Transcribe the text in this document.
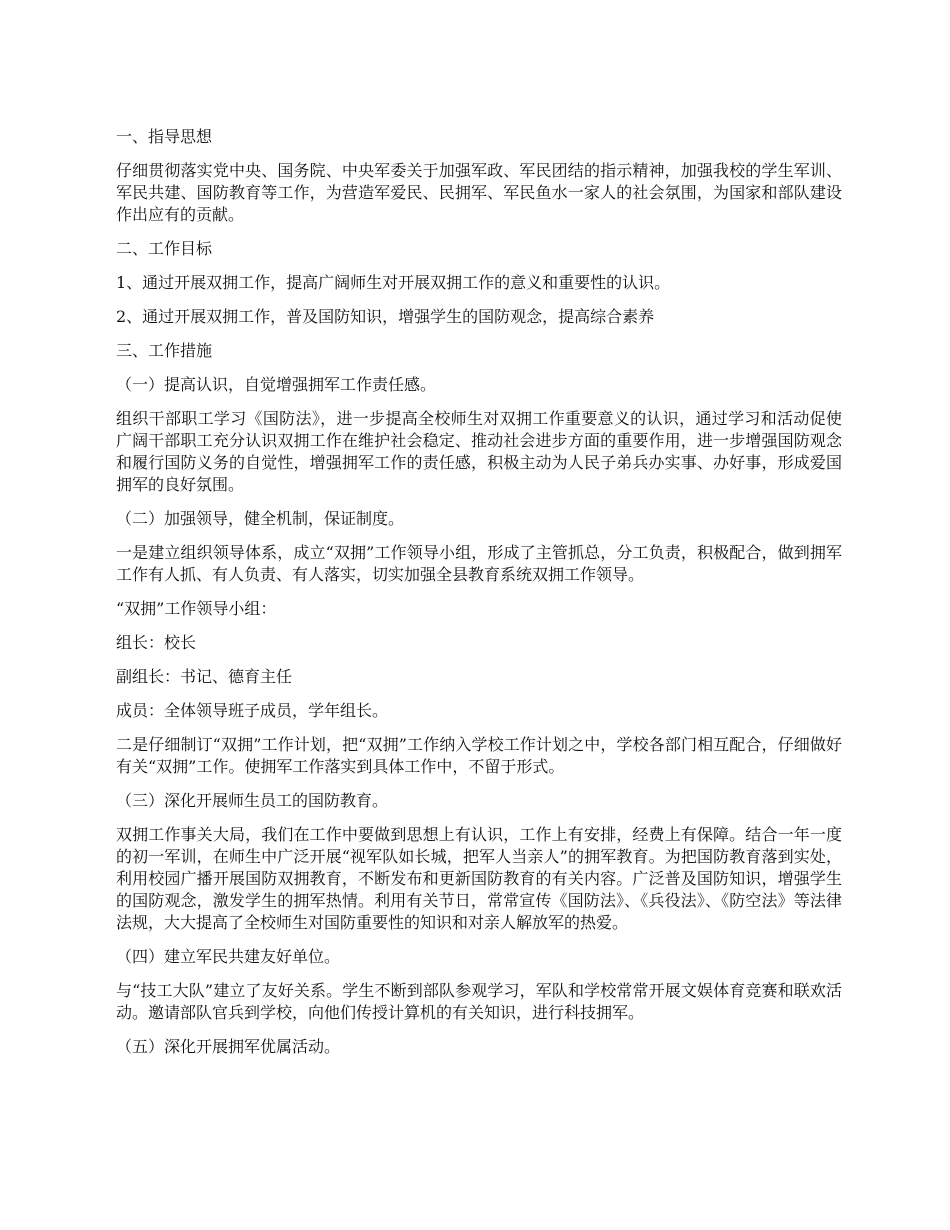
一、指导思想

仔细贯彻落实党中央、国务院、中央军委关于加强军政、军民团结的指示精神，加强我校的学生军训、军民共建、国防教育等工作，为营造军爱民、民拥军、军民鱼水一家人的社会氛围，为国家和部队建设作出应有的贡献。

二、工作目标

1、通过开展双拥工作，提高广阔师生对开展双拥工作的意义和重要性的认识。

2、通过开展双拥工作，普及国防知识，增强学生的国防观念，提高综合素养

三、工作措施

（一）提高认识，自觉增强拥军工作责任感。

组织干部职工学习《国防法》，进一步提高全校师生对双拥工作重要意义的认识，通过学习和活动促使广阔干部职工充分认识双拥工作在维护社会稳定、推动社会进步方面的重要作用，进一步增强国防观念和履行国防义务的自觉性，增强拥军工作的责任感，积极主动为人民子弟兵办实事、办好事，形成爱国拥军的良好氛围。

（二）加强领导，健全机制，保证制度。

一是建立组织领导体系，成立“双拥”工作领导小组，形成了主管抓总，分工负责，积极配合，做到拥军工作有人抓、有人负责、有人落实，切实加强全县教育系统双拥工作领导。

“双拥”工作领导小组：

组长：校长

副组长：书记、德育主任

成员：全体领导班子成员，学年组长。

二是仔细制订“双拥”工作计划，把“双拥”工作纳入学校工作计划之中，学校各部门相互配合，仔细做好有关“双拥”工作。使拥军工作落实到具体工作中，不留于形式。

（三）深化开展师生员工的国防教育。

双拥工作事关大局，我们在工作中要做到思想上有认识，工作上有安排，经费上有保障。结合一年一度的初一军训，在师生中广泛开展“视军队如长城，把军人当亲人”的拥军教育。为把国防教育落到实处，利用校园广播开展国防双拥教育，不断发布和更新国防教育的有关内容。广泛普及国防知识，增强学生的国防观念，激发学生的拥军热情。利用有关节日，常常宣传《国防法》、《兵役法》、《防空法》等法律法规，大大提高了全校师生对国防重要性的知识和对亲人解放军的热爱。

（四）建立军民共建友好单位。

与“技工大队”建立了友好关系。学生不断到部队参观学习，军队和学校常常开展文娱体育竞赛和联欢活动。邀请部队官兵到学校，向他们传授计算机的有关知识，进行科技拥军。

（五）深化开展拥军优属活动。
